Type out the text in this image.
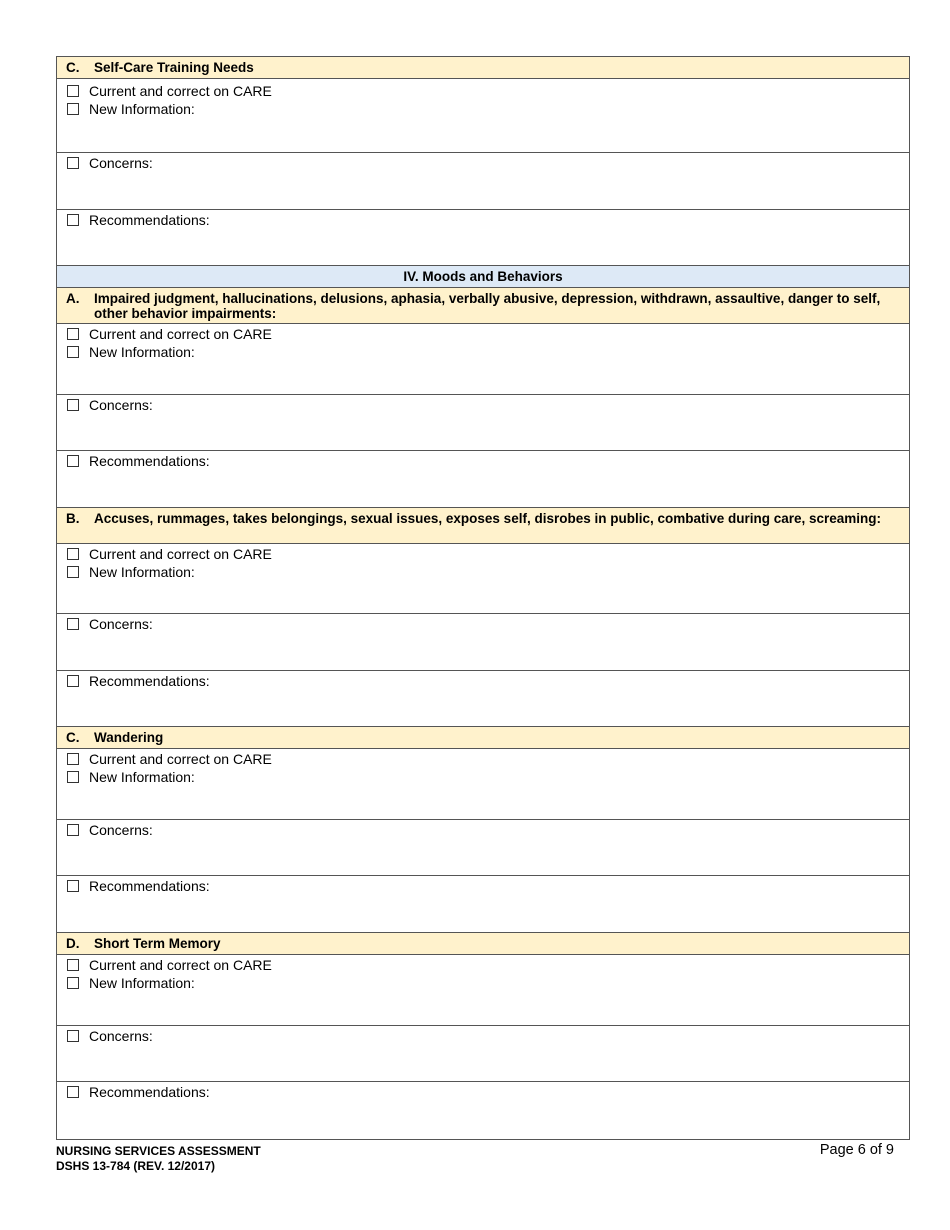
C.	Self-Care Training Needs
Current and correct on CARE
New Information:
Concerns:
Recommendations:
IV. Moods and Behaviors
A.	Impaired judgment, hallucinations, delusions, aphasia, verbally abusive, depression, withdrawn, assaultive, danger to self, other behavior impairments:
Current and correct on CARE
New Information:
Concerns:
Recommendations:
B.	Accuses, rummages, takes belongings, sexual issues, exposes self, disrobes in public, combative during care, screaming:
Current and correct on CARE
New Information:
Concerns:
Recommendations:
C.	Wandering
Current and correct on CARE
New Information:
Concerns:
Recommendations:
D.	Short Term Memory
Current and correct on CARE
New Information:
Concerns:
Recommendations:
NURSING SERVICES ASSESSMENT
DSHS 13-784 (REV. 12/2017)
Page 6 of 9
